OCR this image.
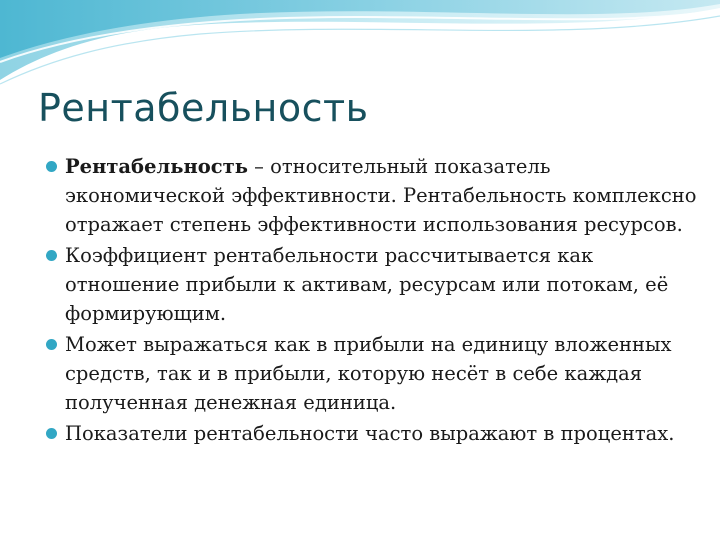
Рентабельность
Рентабельность – относительный показатель экономической эффективности. Рентабельность комплексно отражает степень эффективности использования ресурсов.
Коэффициент рентабельности рассчитывается как отношение прибыли к активам, ресурсам или потокам, её формирующим.
Может выражаться как в прибыли на единицу вложенных средств, так и в прибыли, которую несёт в себе каждая полученная денежная единица.
Показатели рентабельности часто выражают в процентах.
